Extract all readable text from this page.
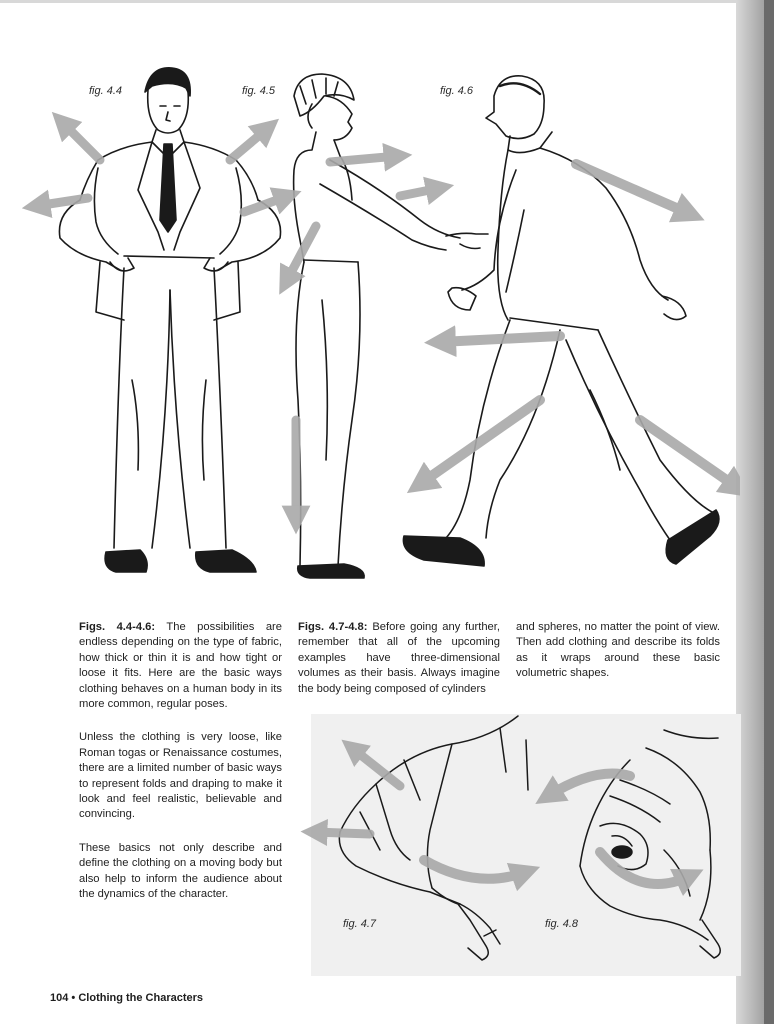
fig. 4.4	fig. 4.5	fig. 4.6

Figs. 4.4-4.6: The possibilities are endless depending on the type of fabric, how thick or thin it is and how tight or loose it fits. Here are the basic ways clothing behaves on a human body in its more common, regular poses.

Unless the clothing is very loose, like Roman togas or Renaissance costumes, there are a limited number of basic ways to represent folds and draping to make it look and feel realistic, believable and convincing.

These basics not only describe and define the clothing on a moving body but also help to inform the audience about the dynamics of the character.

Figs. 4.7-4.8: Before going any further, remember that all of the upcoming examples have three-dimensional volumes as their basis. Always imagine the body being composed of cylinders

and spheres, no matter the point of view. Then add clothing and describe its folds as it wraps around these basic volumetric shapes.

fig. 4.7	fig. 4.8
104 • Clothing the Characters
